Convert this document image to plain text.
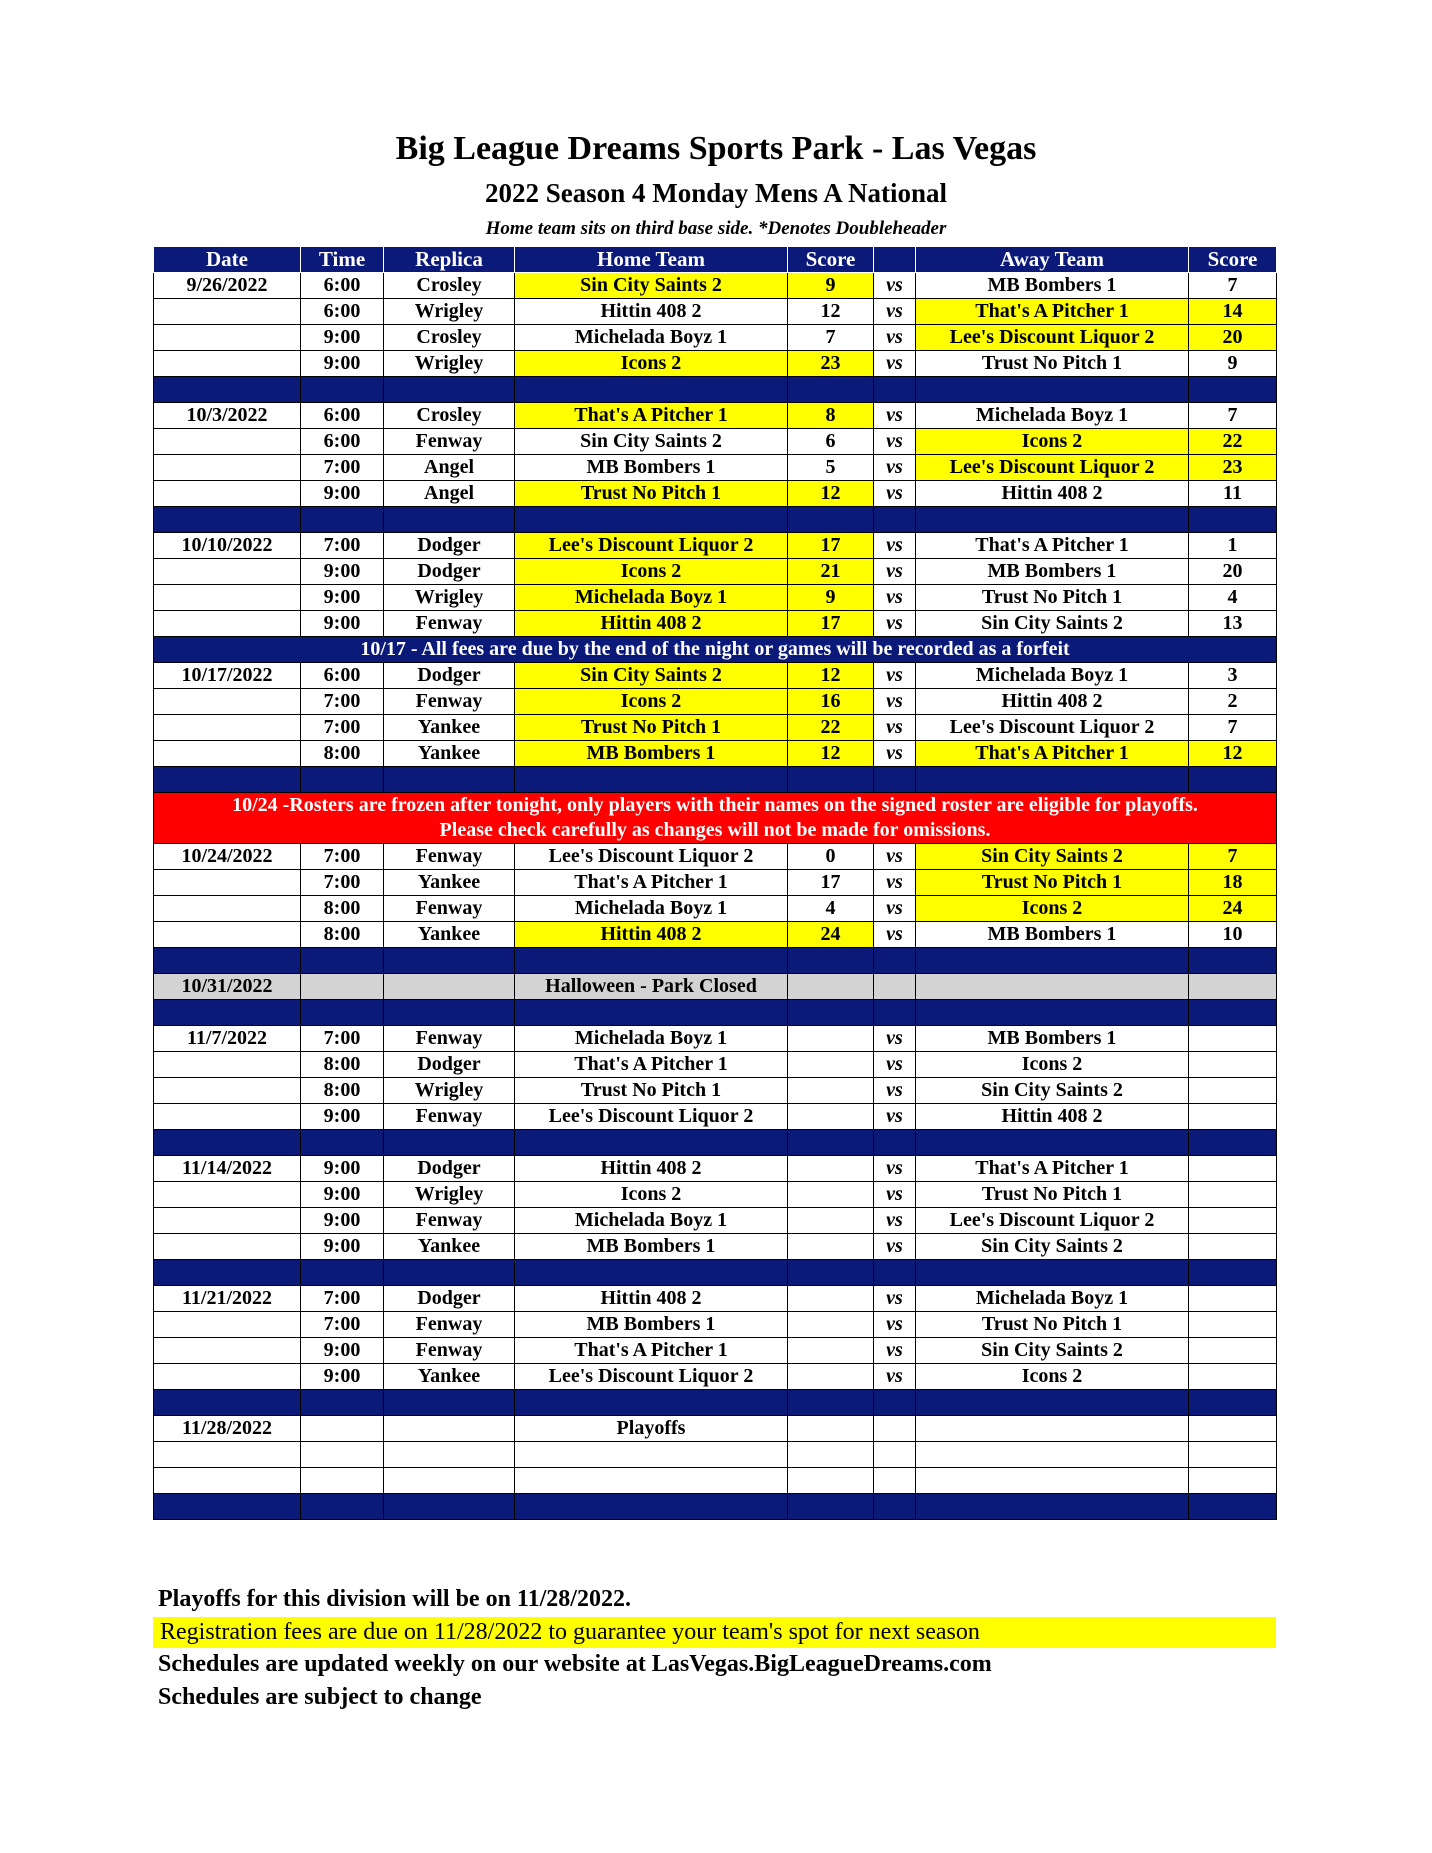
Big League Dreams Sports Park - Las Vegas
2022 Season 4 Monday Mens A National
Home team sits on third base side. *Denotes Doubleheader
Date	Time	Replica	Home Team	Score		Away Team	Score
9/26/2022	6:00	Crosley	Sin City Saints 2	9	vs	MB Bombers 1	7
	6:00	Wrigley	Hittin 408 2	12	vs	That's A Pitcher 1	14
	9:00	Crosley	Michelada Boyz 1	7	vs	Lee's Discount Liquor 2	20
	9:00	Wrigley	Icons 2	23	vs	Trust No Pitch 1	9

10/3/2022	6:00	Crosley	That's A Pitcher 1	8	vs	Michelada Boyz 1	7
	6:00	Fenway	Sin City Saints 2	6	vs	Icons 2	22
	7:00	Angel	MB Bombers 1	5	vs	Lee's Discount Liquor 2	23
	9:00	Angel	Trust No Pitch 1	12	vs	Hittin 408 2	11

10/10/2022	7:00	Dodger	Lee's Discount Liquor 2	17	vs	That's A Pitcher 1	1
	9:00	Dodger	Icons 2	21	vs	MB Bombers 1	20
	9:00	Wrigley	Michelada Boyz 1	9	vs	Trust No Pitch 1	4
	9:00	Fenway	Hittin 408 2	17	vs	Sin City Saints 2	13
10/17 - All fees are due by the end of the night or games will be recorded as a forfeit							
10/17/2022	6:00	Dodger	Sin City Saints 2	12	vs	Michelada Boyz 1	3
	7:00	Fenway	Icons 2	16	vs	Hittin 408 2	2
	7:00	Yankee	Trust No Pitch 1	22	vs	Lee's Discount Liquor 2	7
	8:00	Yankee	MB Bombers 1	12	vs	That's A Pitcher 1	12

10/24 -Rosters are frozen after tonight, only players with their names on the signed roster are eligible for playoffs.
Please check carefully as changes will not be made for omissions.							

10/24/2022	7:00	Fenway	Lee's Discount Liquor 2	0	vs	Sin City Saints 2	7
	7:00	Yankee	That's A Pitcher 1	17	vs	Trust No Pitch 1	18
	8:00	Fenway	Michelada Boyz 1	4	vs	Icons 2	24
	8:00	Yankee	Hittin 408 2	24	vs	MB Bombers 1	10

10/31/2022			Halloween - Park Closed				

11/7/2022	7:00	Fenway	Michelada Boyz 1		vs	MB Bombers 1	
	8:00	Dodger	That's A Pitcher 1		vs	Icons 2	
	8:00	Wrigley	Trust No Pitch 1		vs	Sin City Saints 2	
	9:00	Fenway	Lee's Discount Liquor 2		vs	Hittin 408 2	

11/14/2022	9:00	Dodger	Hittin 408 2		vs	That's A Pitcher 1	
	9:00	Wrigley	Icons 2		vs	Trust No Pitch 1	
	9:00	Fenway	Michelada Boyz 1		vs	Lee's Discount Liquor 2	
	9:00	Yankee	MB Bombers 1		vs	Sin City Saints 2	

11/21/2022	7:00	Dodger	Hittin 408 2		vs	Michelada Boyz 1	
	7:00	Fenway	MB Bombers 1		vs	Trust No Pitch 1	
	9:00	Fenway	That's A Pitcher 1		vs	Sin City Saints 2	
	9:00	Yankee	Lee's Discount Liquor 2		vs	Icons 2	

11/28/2022			Playoffs				

Playoffs for this division will be on 11/28/2022.
Registration fees are due on 11/28/2022 to guarantee your team's spot for next season
Schedules are updated weekly on our website at LasVegas.BigLeagueDreams.com
Schedules are subject to change
